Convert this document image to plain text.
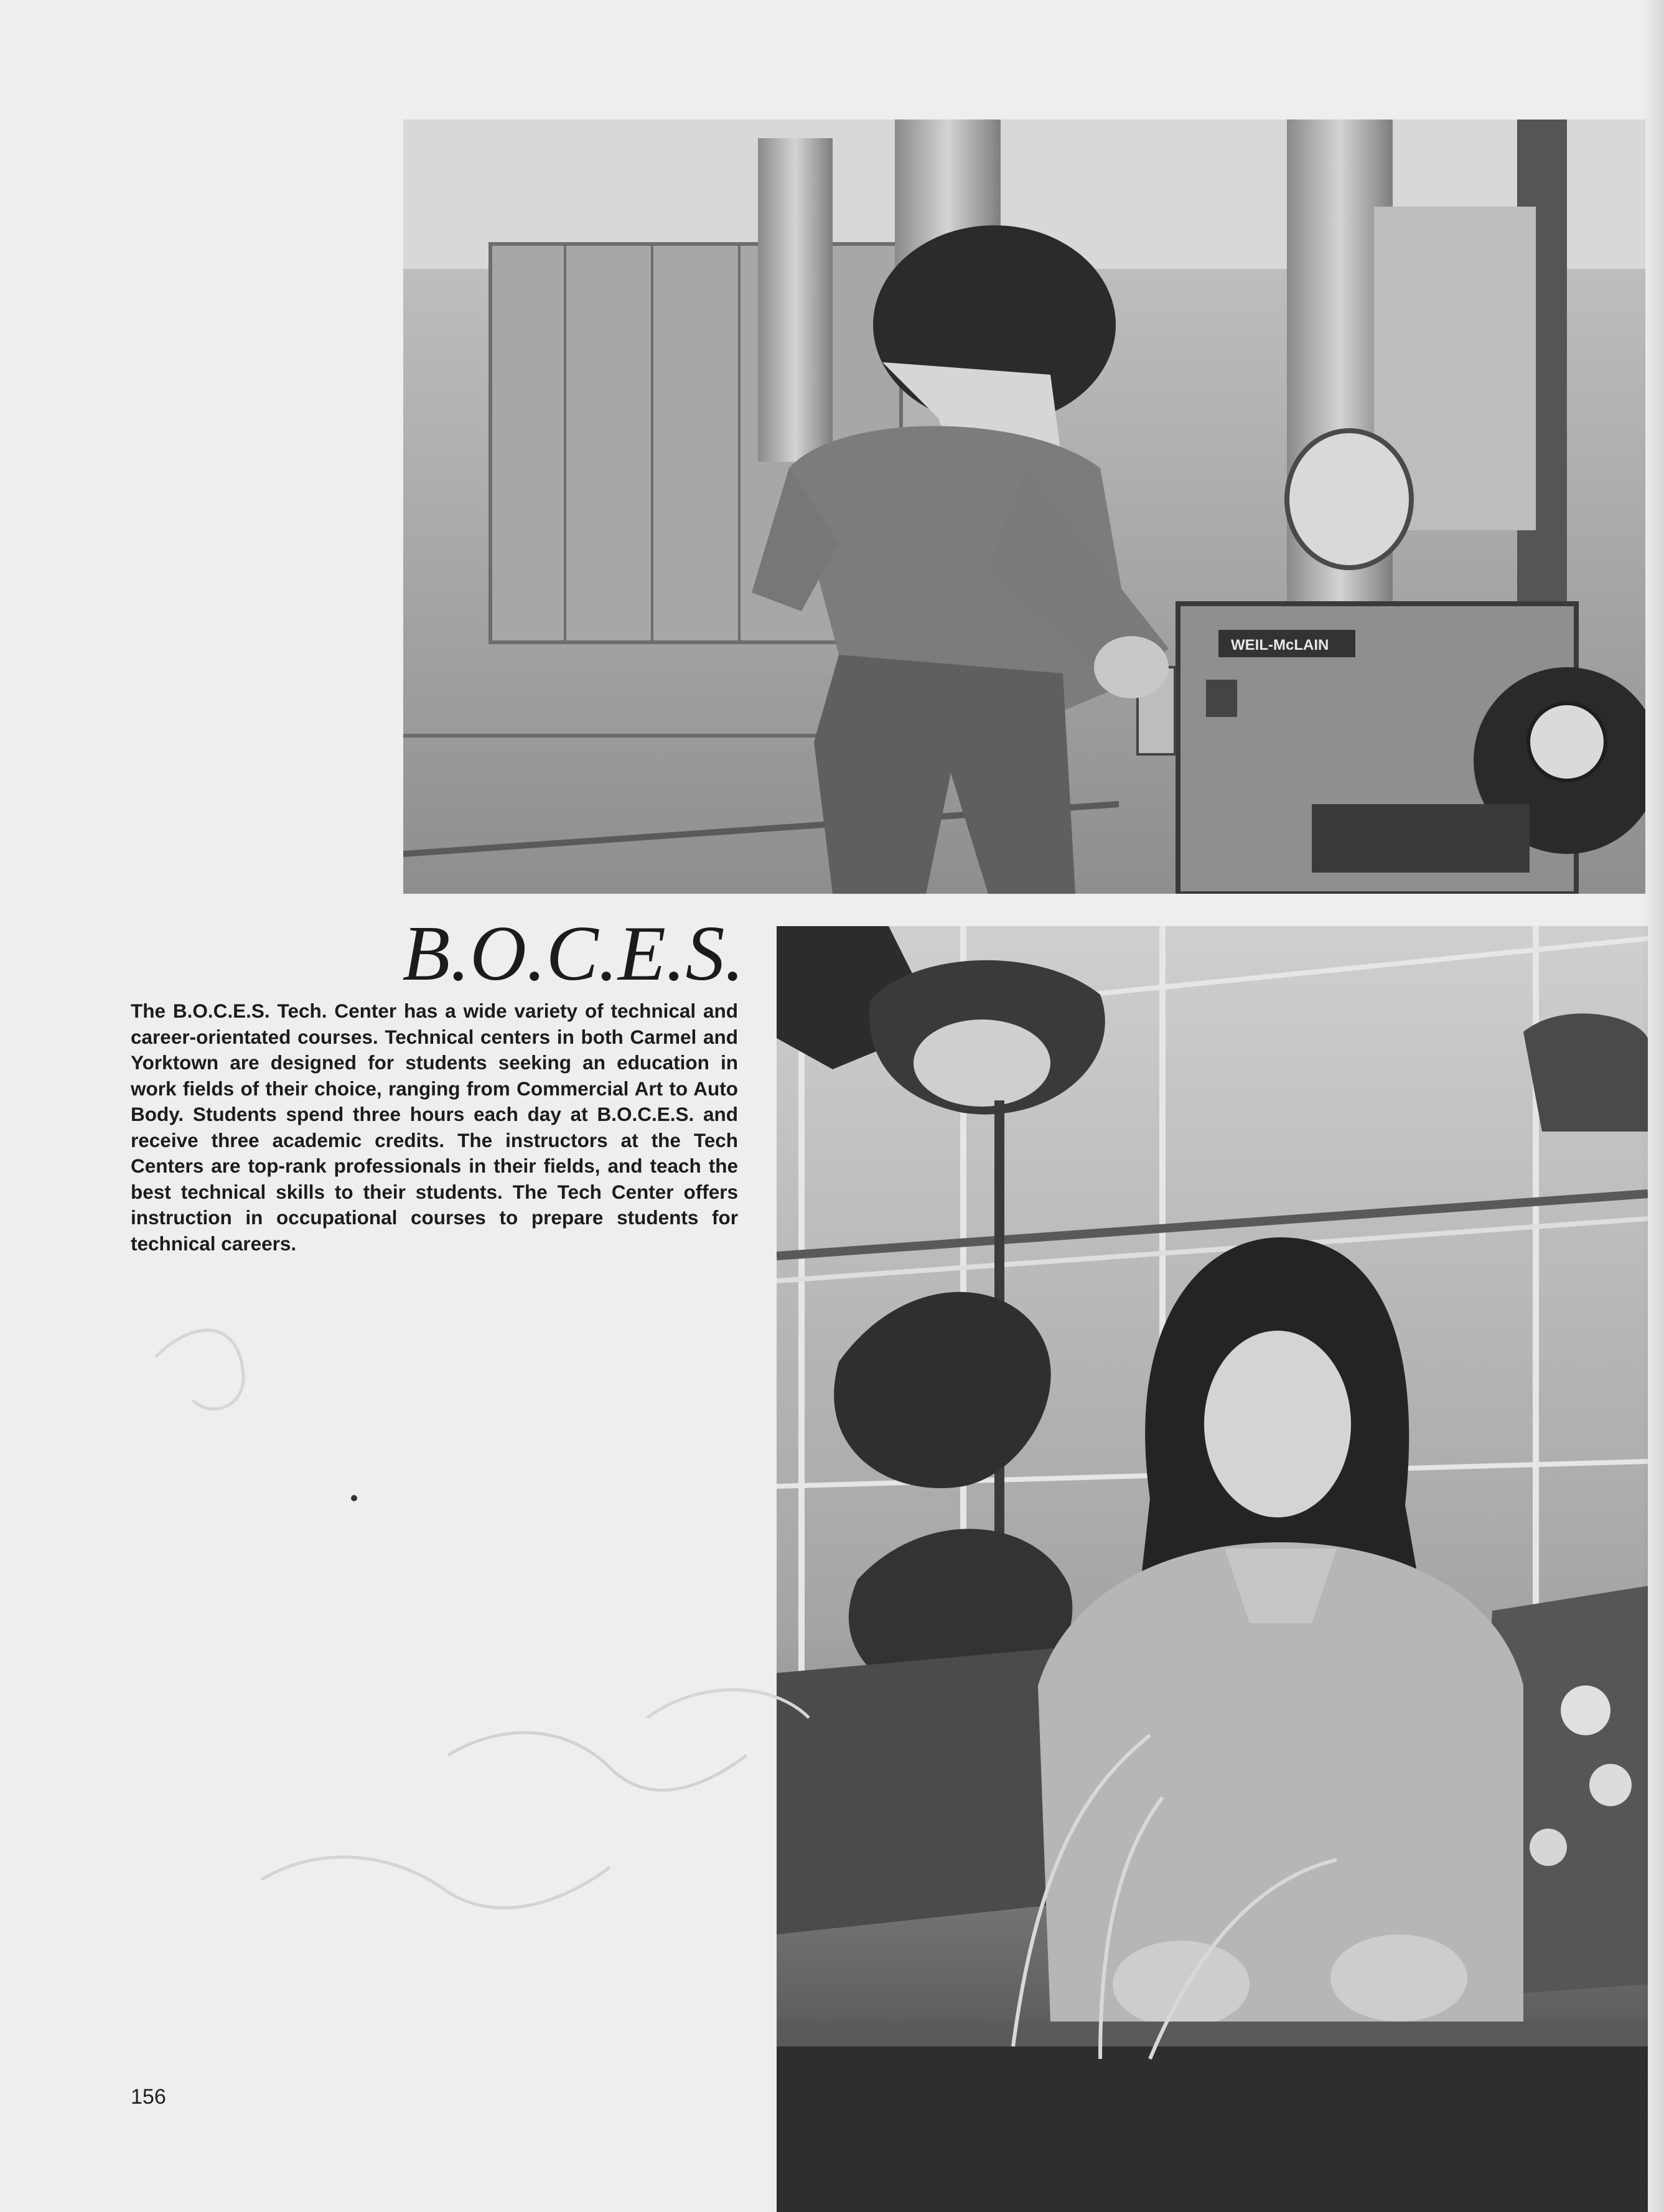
WEIL-McLAIN
B.O.C.E.S.

The B.O.C.E.S. Tech. Center has a wide variety of technical and career-orientated courses. Technical centers in both Carmel and Yorktown are designed for students seeking an education in work fields of their choice, ranging from Commercial Art to Auto Body. Students spend three hours each day at B.O.C.E.S. and receive three academic credits. The instructors at the Tech Centers are top-rank professionals in their fields, and teach the best technical skills to their students. The Tech Center offers instruction in occupational courses to prepare students for technical careers.

156
